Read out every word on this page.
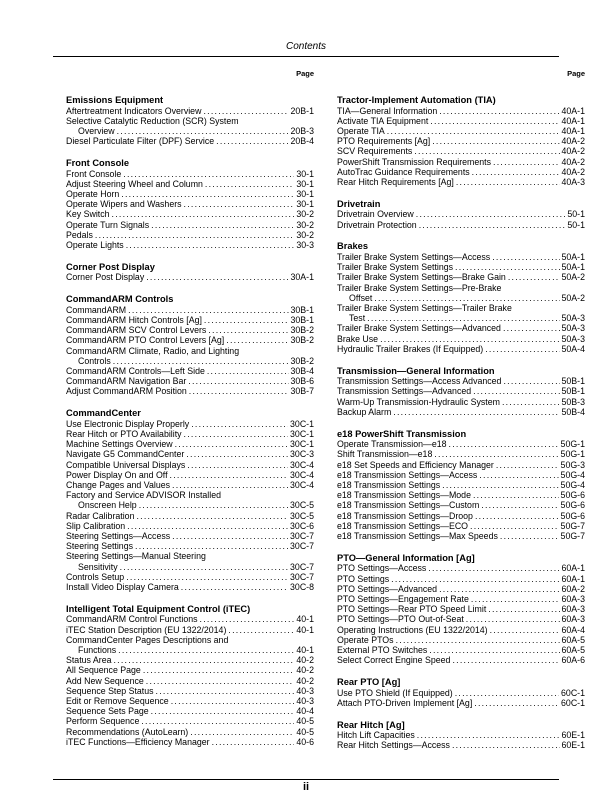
Contents
Page
Emissions Equipment
Aftertreatment Indicators Overview . . .	20B-1
Selective Catalytic Reduction (SCR) System
Overview . . .	20B-3
Diesel Particulate Filter (DPF) Service . . .	20B-4
Front Console
Front Console . . .	30-1
Adjust Steering Wheel and Column . . .	30-1
Operate Horn . . .	30-1
Operate Wipers and Washers . . .	30-1
Key Switch . . .	30-2
Operate Turn Signals . . .	30-2
Pedals . . .	30-2
Operate Lights . . .	30-3
Corner Post Display
Corner Post Display . . .	30A-1
CommandARM Controls
CommandARM . . .	30B-1
CommandARM Hitch Controls [Ag] . . .	30B-1
CommandARM SCV Control Levers . . .	30B-2
CommandARM PTO Control Levers [Ag] . . .	30B-2
CommandARM Climate, Radio, and Lighting
Controls . . .	30B-2
CommandARM Controls—Left Side . . .	30B-4
CommandARM Navigation Bar . . .	30B-6
Adjust CommandARM Position . . .	30B-7
CommandCenter
Use Electronic Display Properly . . .	30C-1
Rear Hitch or PTO Availability . . .	30C-1
Machine Settings Overview . . .	30C-1
Navigate G5 CommandCenter . . .	30C-3
Compatible Universal Displays . . .	30C-4
Power Display On and Off . . .	30C-4
Change Pages and Values . . .	30C-4
Factory and Service ADVISOR Installed
Onscreen Help . . .	30C-5
Radar Calibration . . .	30C-5
Slip Calibration . . .	30C-6
Steering Settings—Access . . .	30C-7
Steering Settings . . .	30C-7
Steering Settings—Manual Steering
Sensitivity . . .	30C-7
Controls Setup . . .	30C-7
Install Video Display Camera . . .	30C-8
Intelligent Total Equipment Control (iTEC)
CommandARM Control Functions . . .	40-1
iTEC Station Description (EU 1322/2014) . . .	40-1
CommandCenter Pages Descriptions and
Functions . . .	40-1
Status Area . . .	40-2
All Sequence Page . . .	40-2
Add New Sequence . . .	40-2
Sequence Step Status . . .	40-3
Edit or Remove Sequence . . .	40-3
Sequence Sets Page . . .	40-4
Perform Sequence . . .	40-5
Recommendations (AutoLearn) . . .	40-5
iTEC Functions—Efficiency Manager . . .	40-6
Page
Tractor-Implement Automation (TIA)
TIA—General Information . . .	40A-1
Activate TIA Equipment . . .	40A-1
Operate TIA . . .	40A-1
PTO Requirements [Ag] . . .	40A-2
SCV Requirements . . .	40A-2
PowerShift Transmission Requirements . . .	40A-2
AutoTrac Guidance Requirements . . .	40A-2
Rear Hitch Requirements [Ag] . . .	40A-3
Drivetrain
Drivetrain Overview . . .	50-1
Drivetrain Protection . . .	50-1
Brakes
Trailer Brake System Settings—Access . . .	50A-1
Trailer Brake System Settings . . .	50A-1
Trailer Brake System Settings—Brake Gain . . .	50A-2
Trailer Brake System Settings—Pre-Brake
Offset . . .	50A-2
Trailer Brake System Settings—Trailer Brake
Test . . .	50A-3
Trailer Brake System Settings—Advanced . . .	50A-3
Brake Use . . .	50A-3
Hydraulic Trailer Brakes (If Equipped) . . .	50A-4
Transmission—General Information
Transmission Settings—Access Advanced . . .	50B-1
Transmission Settings—Advanced . . .	50B-1
Warm-Up Transmission-Hydraulic System . . .	50B-3
Backup Alarm . . .	50B-4
e18 PowerShift Transmission
Operate Transmission—e18 . . .	50G-1
Shift Transmission—e18 . . .	50G-1
e18 Set Speeds and Efficiency Manager . . .	50G-3
e18 Transmission Settings—Access . . .	50G-4
e18 Transmission Settings . . .	50G-4
e18 Transmission Settings—Mode . . .	50G-6
e18 Transmission Settings—Custom . . .	50G-6
e18 Transmission Settings—Droop . . .	50G-6
e18 Transmission Settings—ECO . . .	50G-7
e18 Transmission Settings—Max Speeds . . .	50G-7
PTO—General Information [Ag]
PTO Settings—Access . . .	60A-1
PTO Settings . . .	60A-1
PTO Settings—Advanced . . .	60A-2
PTO Settings—Engagement Rate . . .	60A-3
PTO Settings—Rear PTO Speed Limit . . .	60A-3
PTO Settings—PTO Out-of-Seat . . .	60A-3
Operating Instructions (EU 1322/2014) . . .	60A-4
Operate PTOs . . .	60A-5
External PTO Switches . . .	60A-5
Select Correct Engine Speed . . .	60A-6
Rear PTO [Ag]
Use PTO Shield (If Equipped) . . .	60C-1
Attach PTO-Driven Implement [Ag] . . .	60C-1
Rear Hitch [Ag]
Hitch Lift Capacities . . .	60E-1
Rear Hitch Settings—Access . . .	60E-1
ii
